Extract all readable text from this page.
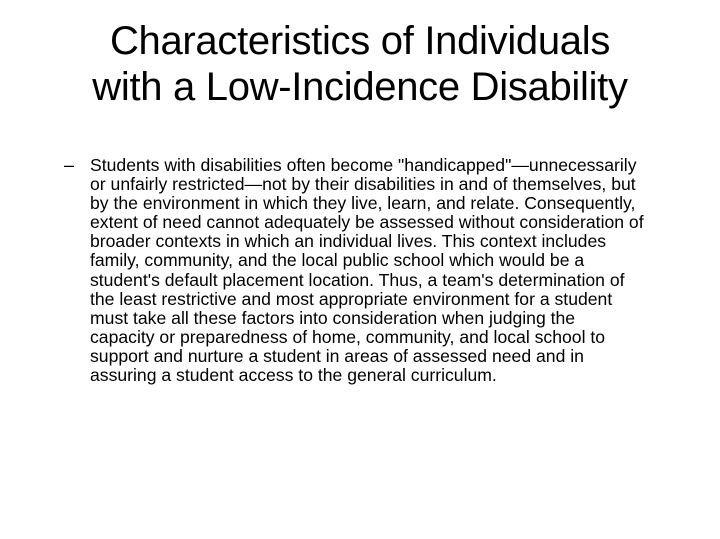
Characteristics of Individuals
with a Low-Incidence Disability
– Students with disabilities often become "handicapped"—unnecessarily or unfairly restricted—not by their disabilities in and of themselves, but by the environment in which they live, learn, and relate. Consequently, extent of need cannot adequately be assessed without consideration of broader contexts in which an individual lives. This context includes family, community, and the local public school which would be a student's default placement location. Thus, a team's determination of the least restrictive and most appropriate environment for a student must take all these factors into consideration when judging the capacity or preparedness of home, community, and local school to support and nurture a student in areas of assessed need and in assuring a student access to the general curriculum.
